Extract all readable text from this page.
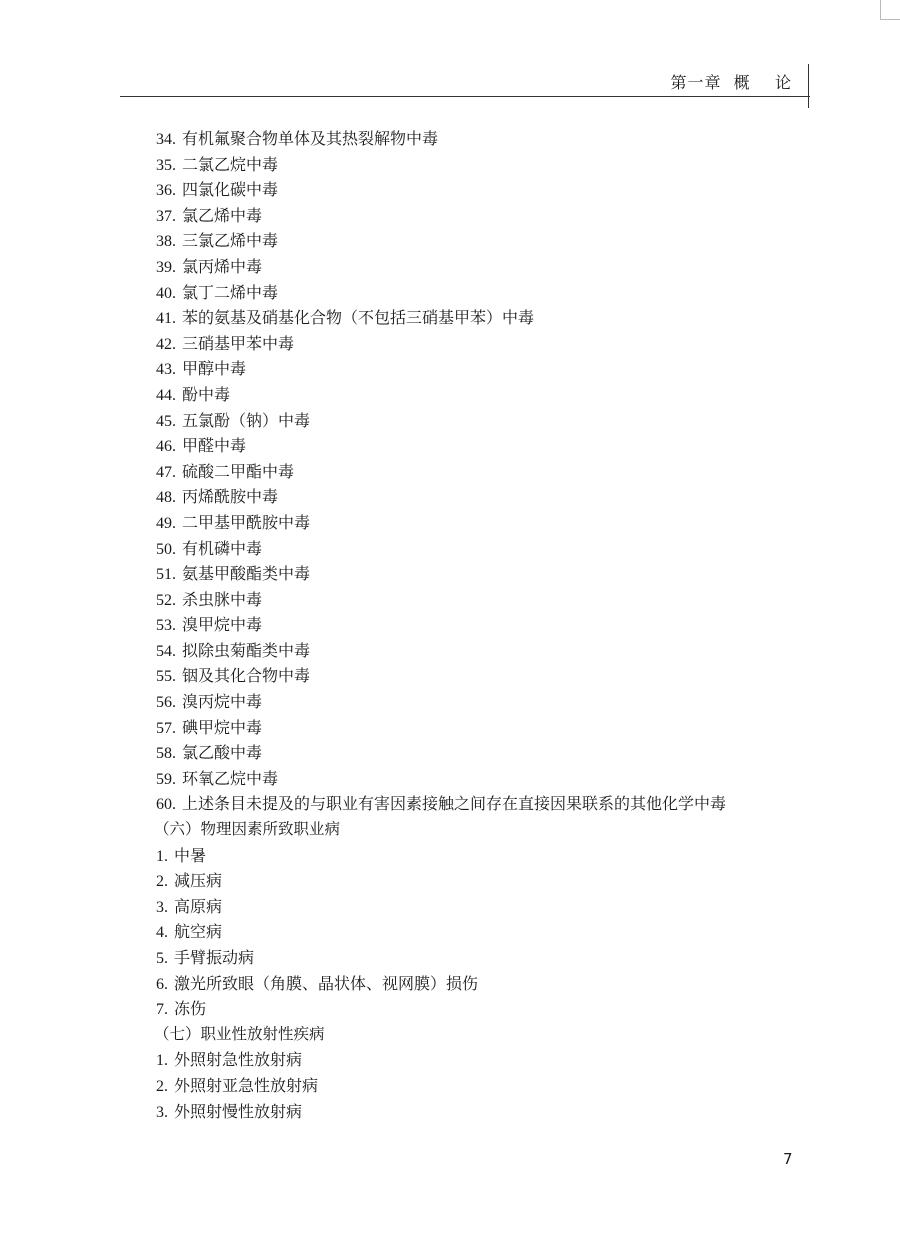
第一章  概    论
34. 有机氟聚合物单体及其热裂解物中毒
35. 二氯乙烷中毒
36. 四氯化碳中毒
37. 氯乙烯中毒
38. 三氯乙烯中毒
39. 氯丙烯中毒
40. 氯丁二烯中毒
41. 苯的氨基及硝基化合物（不包括三硝基甲苯）中毒
42. 三硝基甲苯中毒
43. 甲醇中毒
44. 酚中毒
45. 五氯酚（钠）中毒
46. 甲醛中毒
47. 硫酸二甲酯中毒
48. 丙烯酰胺中毒
49. 二甲基甲酰胺中毒
50. 有机磷中毒
51. 氨基甲酸酯类中毒
52. 杀虫脒中毒
53. 溴甲烷中毒
54. 拟除虫菊酯类中毒
55. 铟及其化合物中毒
56. 溴丙烷中毒
57. 碘甲烷中毒
58. 氯乙酸中毒
59. 环氧乙烷中毒
60. 上述条目未提及的与职业有害因素接触之间存在直接因果联系的其他化学中毒
（六）物理因素所致职业病
1. 中暑
2. 减压病
3. 高原病
4. 航空病
5. 手臂振动病
6. 激光所致眼（角膜、晶状体、视网膜）损伤
7. 冻伤
（七）职业性放射性疾病
1. 外照射急性放射病
2. 外照射亚急性放射病
3. 外照射慢性放射病
7
